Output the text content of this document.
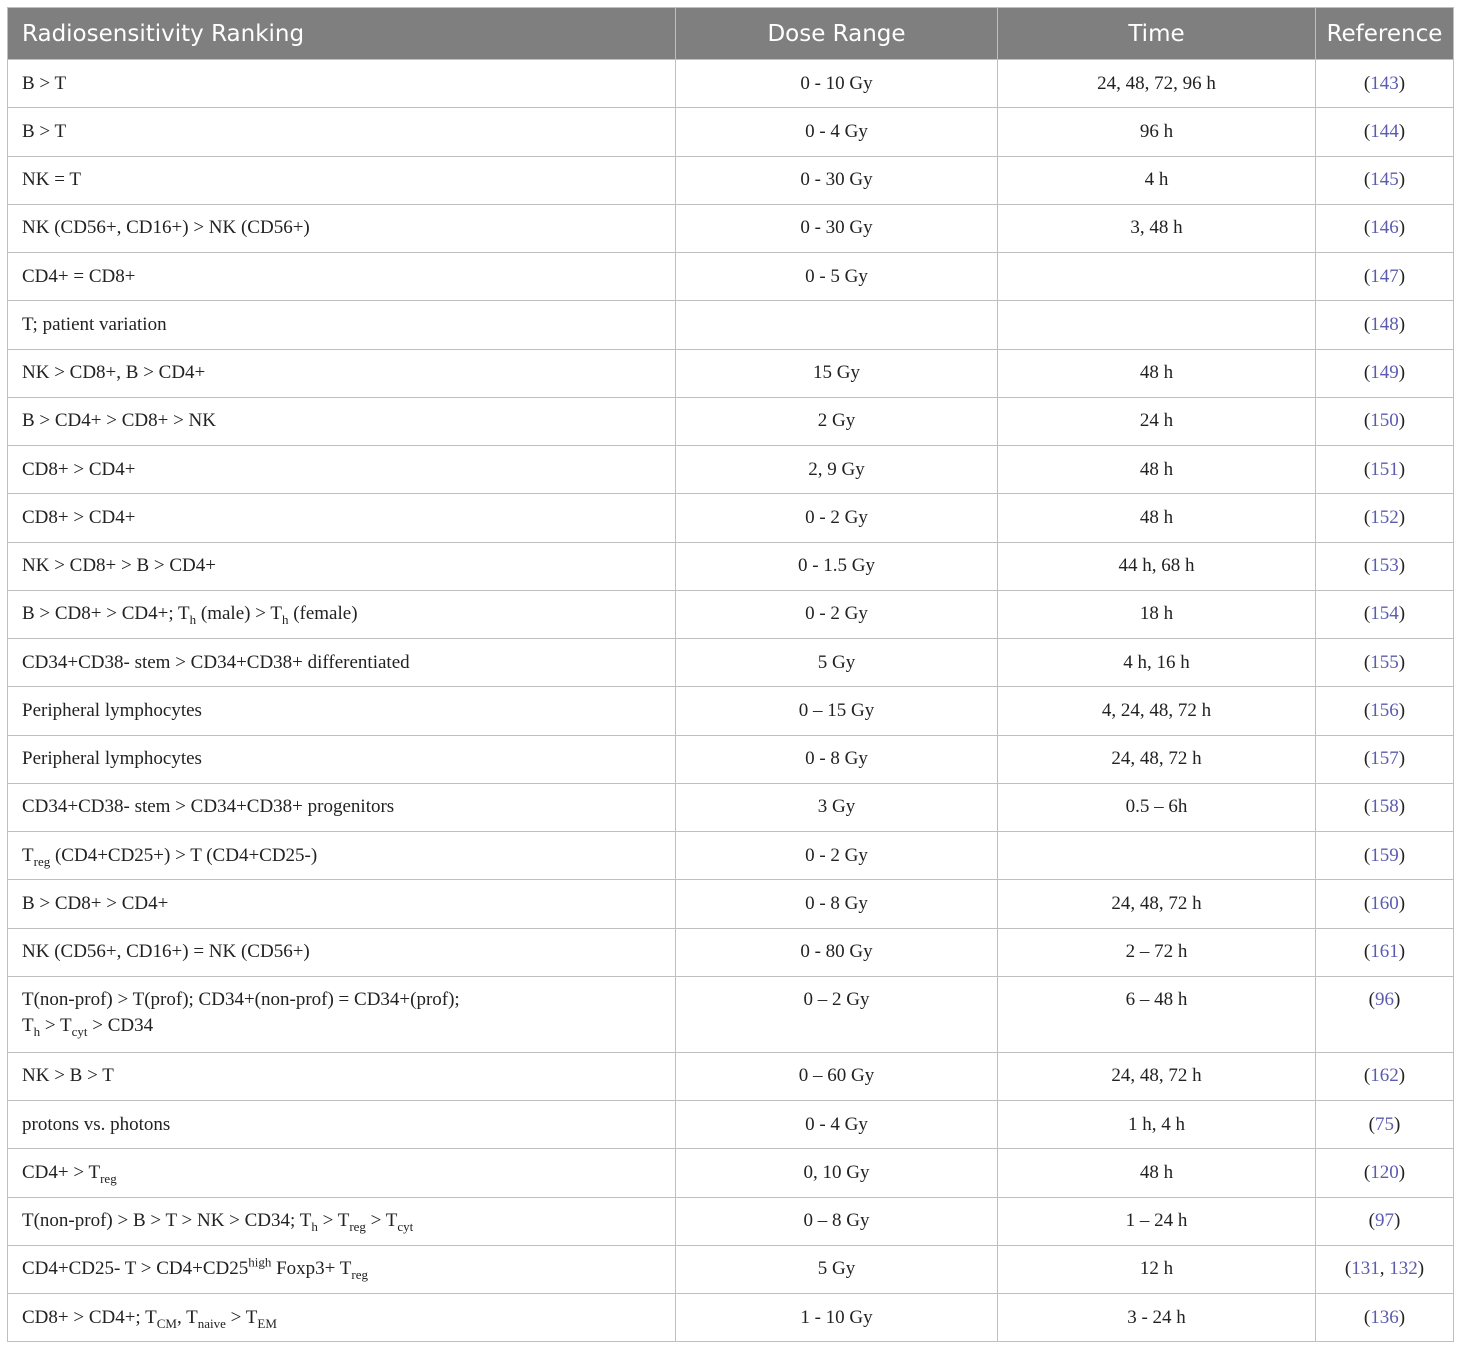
Radiosensitivity Ranking	Dose Range	Time	Reference
B > T	0 - 10 Gy	24, 48, 72, 96 h	(143)
B > T	0 - 4 Gy	96 h	(144)
NK = T	0 - 30 Gy	4 h	(145)
NK (CD56+, CD16+) > NK (CD56+)	0 - 30 Gy	3, 48 h	(146)
CD4+ = CD8+	0 - 5 Gy		(147)
T; patient variation			(148)
NK > CD8+, B > CD4+	15 Gy	48 h	(149)
B > CD4+ > CD8+ > NK	2 Gy	24 h	(150)
CD8+ > CD4+	2, 9 Gy	48 h	(151)
CD8+ > CD4+	0 - 2 Gy	48 h	(152)
NK > CD8+ > B > CD4+	0 - 1.5 Gy	44 h, 68 h	(153)
B > CD8+ > CD4+; $T_h$ (male) > $T_h$ (female)	0 - 2 Gy	18 h	(154)
CD34+CD38- stem > CD34+CD38+ differentiated	5 Gy	4 h, 16 h	(155)
Peripheral lymphocytes	0 – 15 Gy	4, 24, 48, 72 h	(156)
Peripheral lymphocytes	0 - 8 Gy	24, 48, 72 h	(157)
CD34+CD38- stem > CD34+CD38+ progenitors	3 Gy	0.5 – 6h	(158)
$T_{reg}$ (CD4+CD25+) > T (CD4+CD25-)	0 - 2 Gy		(159)
B > CD8+ > CD4+	0 - 8 Gy	24, 48, 72 h	(160)
NK (CD56+, CD16+) = NK (CD56+)	0 - 80 Gy	2 – 72 h	(161)
T(non-prof) > T(prof); CD34+(non-prof) = CD34+(prof);
$T_h > T_{cyt} > CD34$	0 – 2 Gy	6 – 48 h	(96)
NK > B > T	0 – 60 Gy	24, 48, 72 h	(162)
protons vs. photons	0 - 4 Gy	1 h, 4 h	(75)
$CD4+ > T_{reg}$	0, 10 Gy	48 h	(120)
T(non-prof) > B > T > NK > CD34; $T_h > T_{reg} > T_{cyt}$	0 – 8 Gy	1 – 24 h	(97)
CD4+CD25- $T > CD4+CD25^{high}$ Foxp3+ $T_{reg}$	5 Gy	12 h	(131, 132)
CD8+ > CD4+; $T_{CM}$, $T_{naive} > T_{EM}$	1 - 10 Gy	3 - 24 h	(136)
